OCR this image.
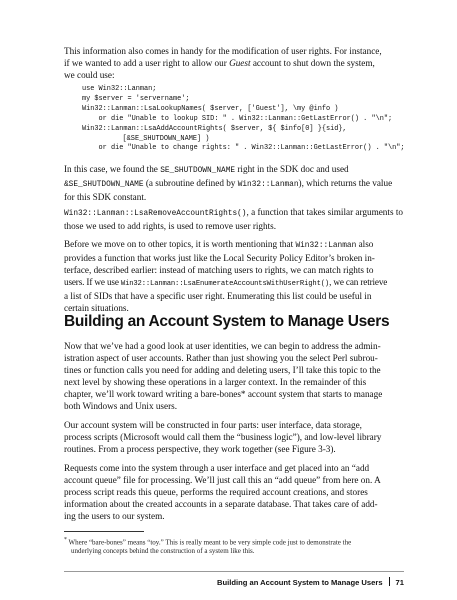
This information also comes in handy for the modification of user rights. For instance,

if we wanted to add a user right to allow our Guest account to shut down the system,

we could use:

use Win32::Lanman;

my $server = 'servername';

Win32::Lanman::LsaLookupNames( $server, ['Guest'], \my @info )

or die "Unable to lookup SID: " . Win32::Lanman::GetLastError() . "\n";

Win32::Lanman::LsaAddAccountRights( $server, ${ $info[0] }{sid},

[&SE_SHUTDOWN_NAME] )

or die "Unable to change rights: " . Win32::Lanman::GetLastError() . "\n";

In this case, we found the SE_SHUTDOWN_NAME right in the SDK doc and used

&SE_SHUTDOWN_NAME (a subroutine defined by Win32::Lanman), which returns the value

for this SDK constant.

Win32::Lanman::LsaRemoveAccountRights(), a function that takes similar arguments to

those we used to add rights, is used to remove user rights.

Before we move on to other topics, it is worth mentioning that Win32::Lanman also

provides a function that works just like the Local Security Policy Editor’s broken in-

terface, described earlier: instead of matching users to rights, we can match rights to

users. If we use Win32::Lanman::LsaEnumerateAccountsWithUserRight(), we can retrieve

a list of SIDs that have a specific user right. Enumerating this list could be useful in

certain situations.

Building an Account System to Manage Users

Now that we’ve had a good look at user identities, we can begin to address the admin-

istration aspect of user accounts. Rather than just showing you the select Perl subrou-

tines or function calls you need for adding and deleting users, I’ll take this topic to the

next level by showing these operations in a larger context. In the remainder of this

chapter, we’ll work toward writing a bare-bones* account system that starts to manage

both Windows and Unix users.

Our account system will be constructed in four parts: user interface, data storage,

process scripts (Microsoft would call them the “business logic”), and low-level library

routines. From a process perspective, they work together (see Figure 3-3).

Requests come into the system through a user interface and get placed into an “add

account queue” file for processing. We’ll just call this an “add queue” from here on. A

process script reads this queue, performs the required account creations, and stores

information about the created accounts in a separate database. That takes care of add-

ing the users to our system.

* Where “bare-bones” means “toy.” This is really meant to be very simple code just to demonstrate the

underlying concepts behind the construction of a system like this.

Building an Account System to Manage Users 71
